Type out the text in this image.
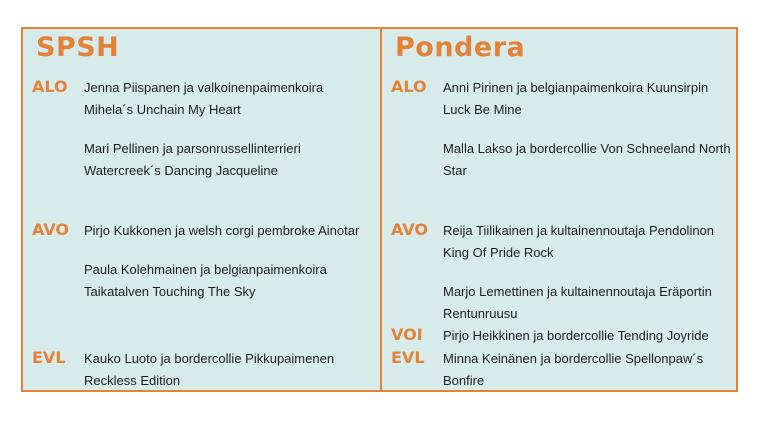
SPSH
ALO Jenna Piispanen ja valkoinenpaimenkoira
Mihela´s Unchain My Heart
Mari Pellinen ja parsonrussellinterrieri
Watercreek´s Dancing Jacqueline
AVO Pirjo Kukkonen ja welsh corgi pembroke Ainotar
Paula Kolehmainen ja belgianpaimenkoira
Taikatalven Touching The Sky
EVL Kauko Luoto ja bordercollie Pikkupaimenen
Reckless Edition
Pondera
ALO Anni Pirinen ja belgianpaimenkoira Kuunsirpin
Luck Be Mine
Malla Lakso ja bordercollie Von Schneeland North
Star
AVO Reija Tiilikainen ja kultainennoutaja Pendolinon
King Of Pride Rock
Marjo Lemettinen ja kultainennoutaja Eräportin
Rentunruusu
VOI Pirjo Heikkinen ja bordercollie Tending Joyride
EVL Minna Keinänen ja bordercollie Spellonpaw´s
Bonfire
